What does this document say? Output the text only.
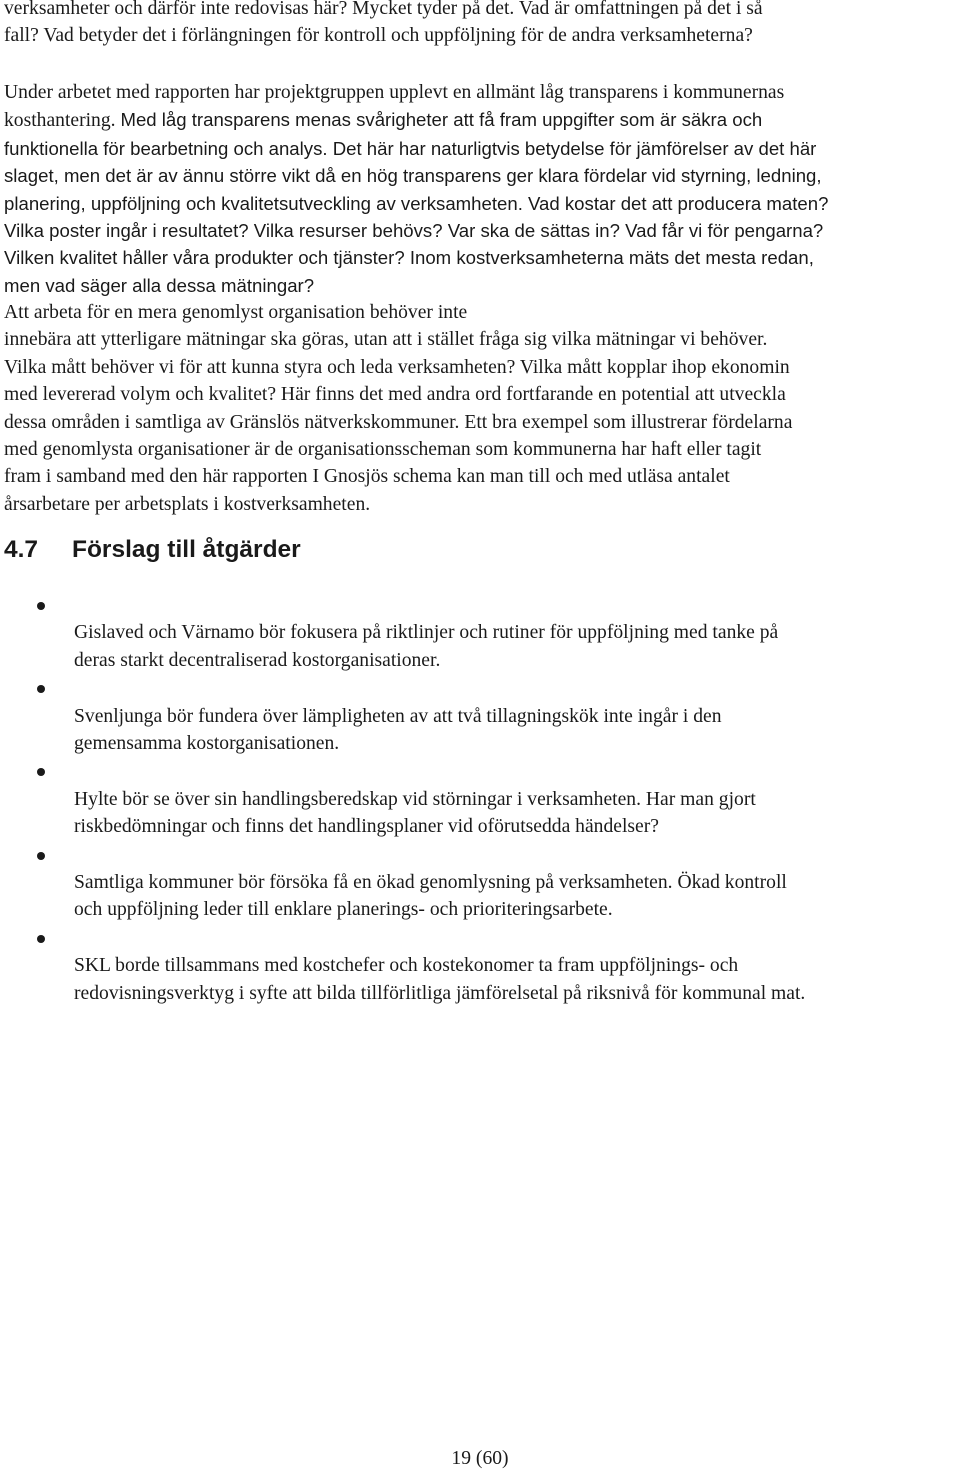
verksamheter och därför inte redovisas här? Mycket tyder på det. Vad är omfattningen på det i så
fall? Vad betyder det i förlängningen för kontroll och uppföljning för de andra verksamheterna?

Under arbetet med rapporten har projektgruppen upplevt en allmänt låg transparens i kommunernas
kosthantering. Med låg transparens menas svårigheter att få fram uppgifter som är säkra och
funktionella för bearbetning och analys. Det här har naturligtvis betydelse för jämförelser av det här
slaget, men det är av ännu större vikt då en hög transparens ger klara fördelar vid styrning, ledning,
planering, uppföljning och kvalitetsutveckling av verksamheten. Vad kostar det att producera maten?
Vilka poster ingår i resultatet? Vilka resurser behövs? Var ska de sättas in? Vad får vi för pengarna?
Vilken kvalitet håller våra produkter och tjänster? Inom kostverksamheterna mäts det mesta redan,
men vad säger alla dessa mätningar?

Att arbeta för en mera genomlyst organisation behöver inte
innebära att ytterligare mätningar ska göras, utan att i stället fråga sig vilka mätningar vi behöver.
Vilka mått behöver vi för att kunna styra och leda verksamheten? Vilka mått kopplar ihop ekonomin
med levererad volym och kvalitet? Här finns det med andra ord fortfarande en potential att utveckla
dessa områden i samtliga av Gränslös nätverkskommuner. Ett bra exempel som illustrerar fördelarna
med genomlysta organisationer är de organisationsscheman som kommunerna har haft eller tagit
fram i samband med den här rapporten I Gnosjös schema kan man till och med utläsa antalet
årsarbetare per arbetsplats i kostverksamheten.

4.7 Förslag till åtgärder

Gislaved och Värnamo bör fokusera på riktlinjer och rutiner för uppföljning med tanke på
deras starkt decentraliserad kostorganisationer.

Svenljunga bör fundera över lämpligheten av att två tillagningskök inte ingår i den
gemensamma kostorganisationen.

Hylte bör se över sin handlingsberedskap vid störningar i verksamheten. Har man gjort
riskbedömningar och finns det handlingsplaner vid oförutsedda händelser?

Samtliga kommuner bör försöka få en ökad genomlysning på verksamheten. Ökad kontroll
och uppföljning leder till enklare planerings- och prioriteringsarbete.

SKL borde tillsammans med kostchefer och kostekonomer ta fram uppföljnings- och
redovisningsverktyg i syfte att bilda tillförlitliga jämförelsetal på riksnivå för kommunal mat.

19 (60)
